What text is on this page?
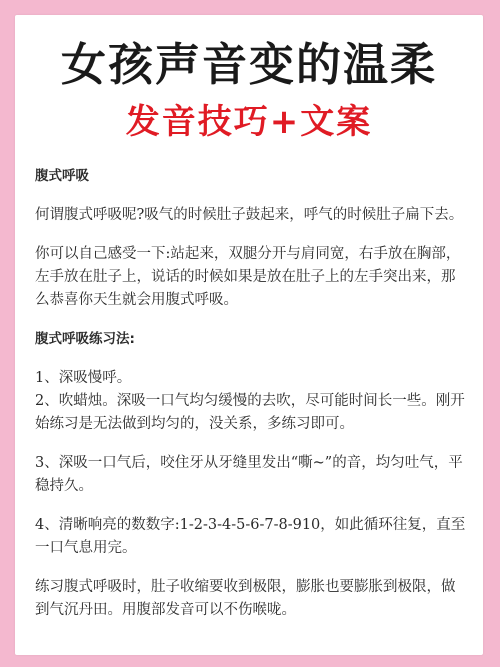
女孩声音变的温柔
发音技巧+文案

腹式呼吸

何谓腹式呼吸呢?吸气的时候肚子鼓起来，呼气的时候肚子扁下去。

你可以自己感受一下:站起来，双腿分开与肩同宽，右手放在胸部，左手放在肚子上，说话的时候如果是放在肚子上的左手突出来，那么恭喜你天生就会用腹式呼吸。

腹式呼吸练习法:

1、深吸慢呼。

2、吹蜡烛。深吸一口气均匀缓慢的去吹，尽可能时间长一些。刚开始练习是无法做到均匀的，没关系，多练习即可。

3、深吸一口气后，咬住牙从牙缝里发出“嘶~”的音，均匀吐气，平稳持久。

4、清晰响亮的数数字:1-2-3-4-5-6-7-8-910，如此循环往复，直至一口气息用完。

练习腹式呼吸时，肚子收缩要收到极限，膨胀也要膨胀到极限，做到气沉丹田。用腹部发音可以不伤喉咙。
